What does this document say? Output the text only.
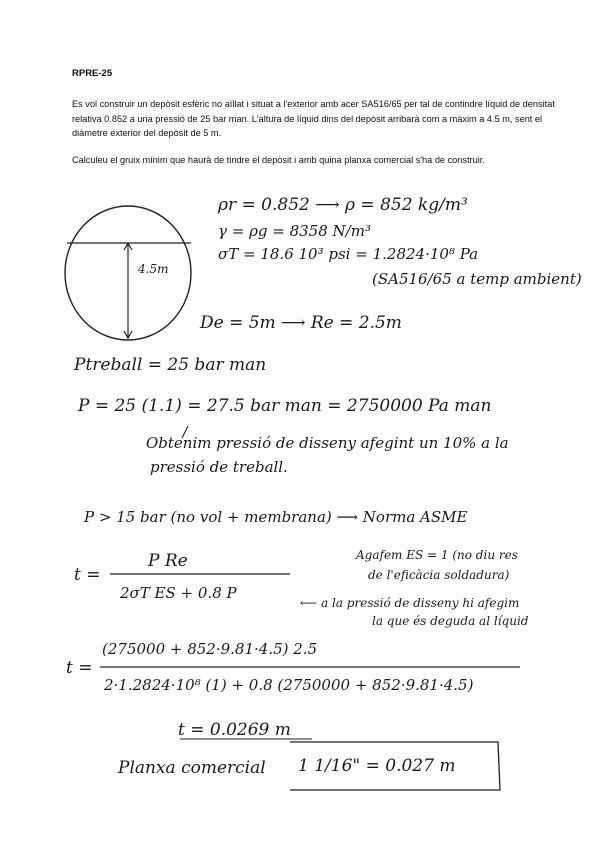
RPRE-25
Es vol construir un depòsit esfèric no aïllat i situat a l'exterior amb acer SA516/65 per tal de contindre líquid de densitat relativa 0.852 a una pressió de 25 bar man. L'altura de líquid dins del depòsit arribarà com a màxim a 4.5 m, sent el diàmetre exterior del depòsit de 5 m.
Calculeu el gruix mínim que haurà de tindre el depòsit i amb quina planxa comercial s'ha de construir.
4.5m
ρr = 0.852 ⟶ ρ = 852 kg/m³
γ = ρg = 8358 N/m³
σT = 18.6 10³ psi = 1.2824·10⁸ Pa
(SA516/65 a temp ambient)
De = 5m ⟶ Re = 2.5m
Ptreball = 25 bar man
P = 25 (1.1) = 27.5 bar man = 2750000 Pa man
Obtenim pressió de disseny afegint un 10% a la
pressió de treball.
P > 15 bar (no vol + membrana) ⟶ Norma ASME
t =
P Re
2σT ES + 0.8 P
Agafem ES = 1 (no diu res
de l'eficàcia soldadura)
⟵ a la pressió de disseny hi afegim
la que és deguda al líquid
t =
(275000 + 852·9.81·4.5) 2.5
2·1.2824·10⁸ (1) + 0.8 (2750000 + 852·9.81·4.5)
t = 0.0269 m
Planxa comercial 1 1/16" = 0.027 m
